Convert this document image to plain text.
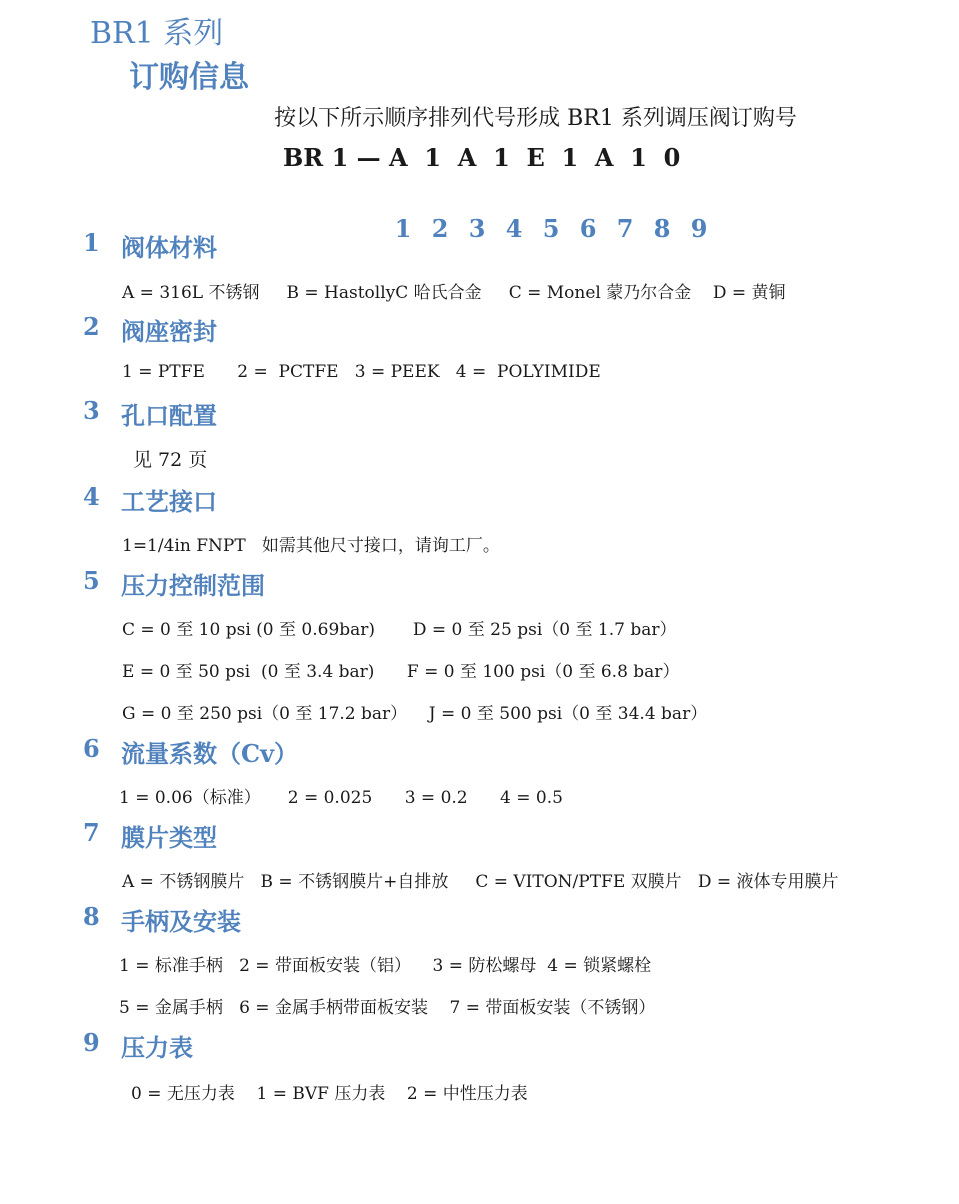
BR1 系列
订购信息
按以下所示顺序排列代号形成 BR1 系列调压阀订购号
BR 1 — A  1  A  1  E  1  A  1  0

1 2 3 4 5 6 7 8 9

1 阀体材料
A = 316L 不锈钢     B = HastollyC 哈氏合金     C = Monel 蒙乃尔合金    D = 黄铜
2 阀座密封
1 = PTFE      2 =  PCTFE   3 = PEEK   4 =  POLYIMIDE
3 孔口配置
见 72 页
4 工艺接口
1=1/4in FNPT   如需其他尺寸接口，请询工厂。
5 压力控制范围
C = 0 至 10 psi (0 至 0.69bar)       D = 0 至 25 psi（0 至 1.7 bar）
E = 0 至 50 psi  (0 至 3.4 bar)      F = 0 至 100 psi（0 至 6.8 bar）
G = 0 至 250 psi（0 至 17.2 bar）    J = 0 至 500 psi（0 至 34.4 bar）
6 流量系数（Cv）
1 = 0.06（标准）     2 = 0.025      3 = 0.2      4 = 0.5
7 膜片类型
A = 不锈钢膜片   B = 不锈钢膜片+自排放     C = VITON/PTFE 双膜片   D = 液体专用膜片
8 手柄及安装
1 = 标准手柄   2 = 带面板安装（铝）    3 = 防松螺母  4 = 锁紧螺栓
5 = 金属手柄   6 = 金属手柄带面板安装    7 = 带面板安装（不锈钢）
9 压力表
0 = 无压力表    1 = BVF 压力表    2 = 中性压力表
